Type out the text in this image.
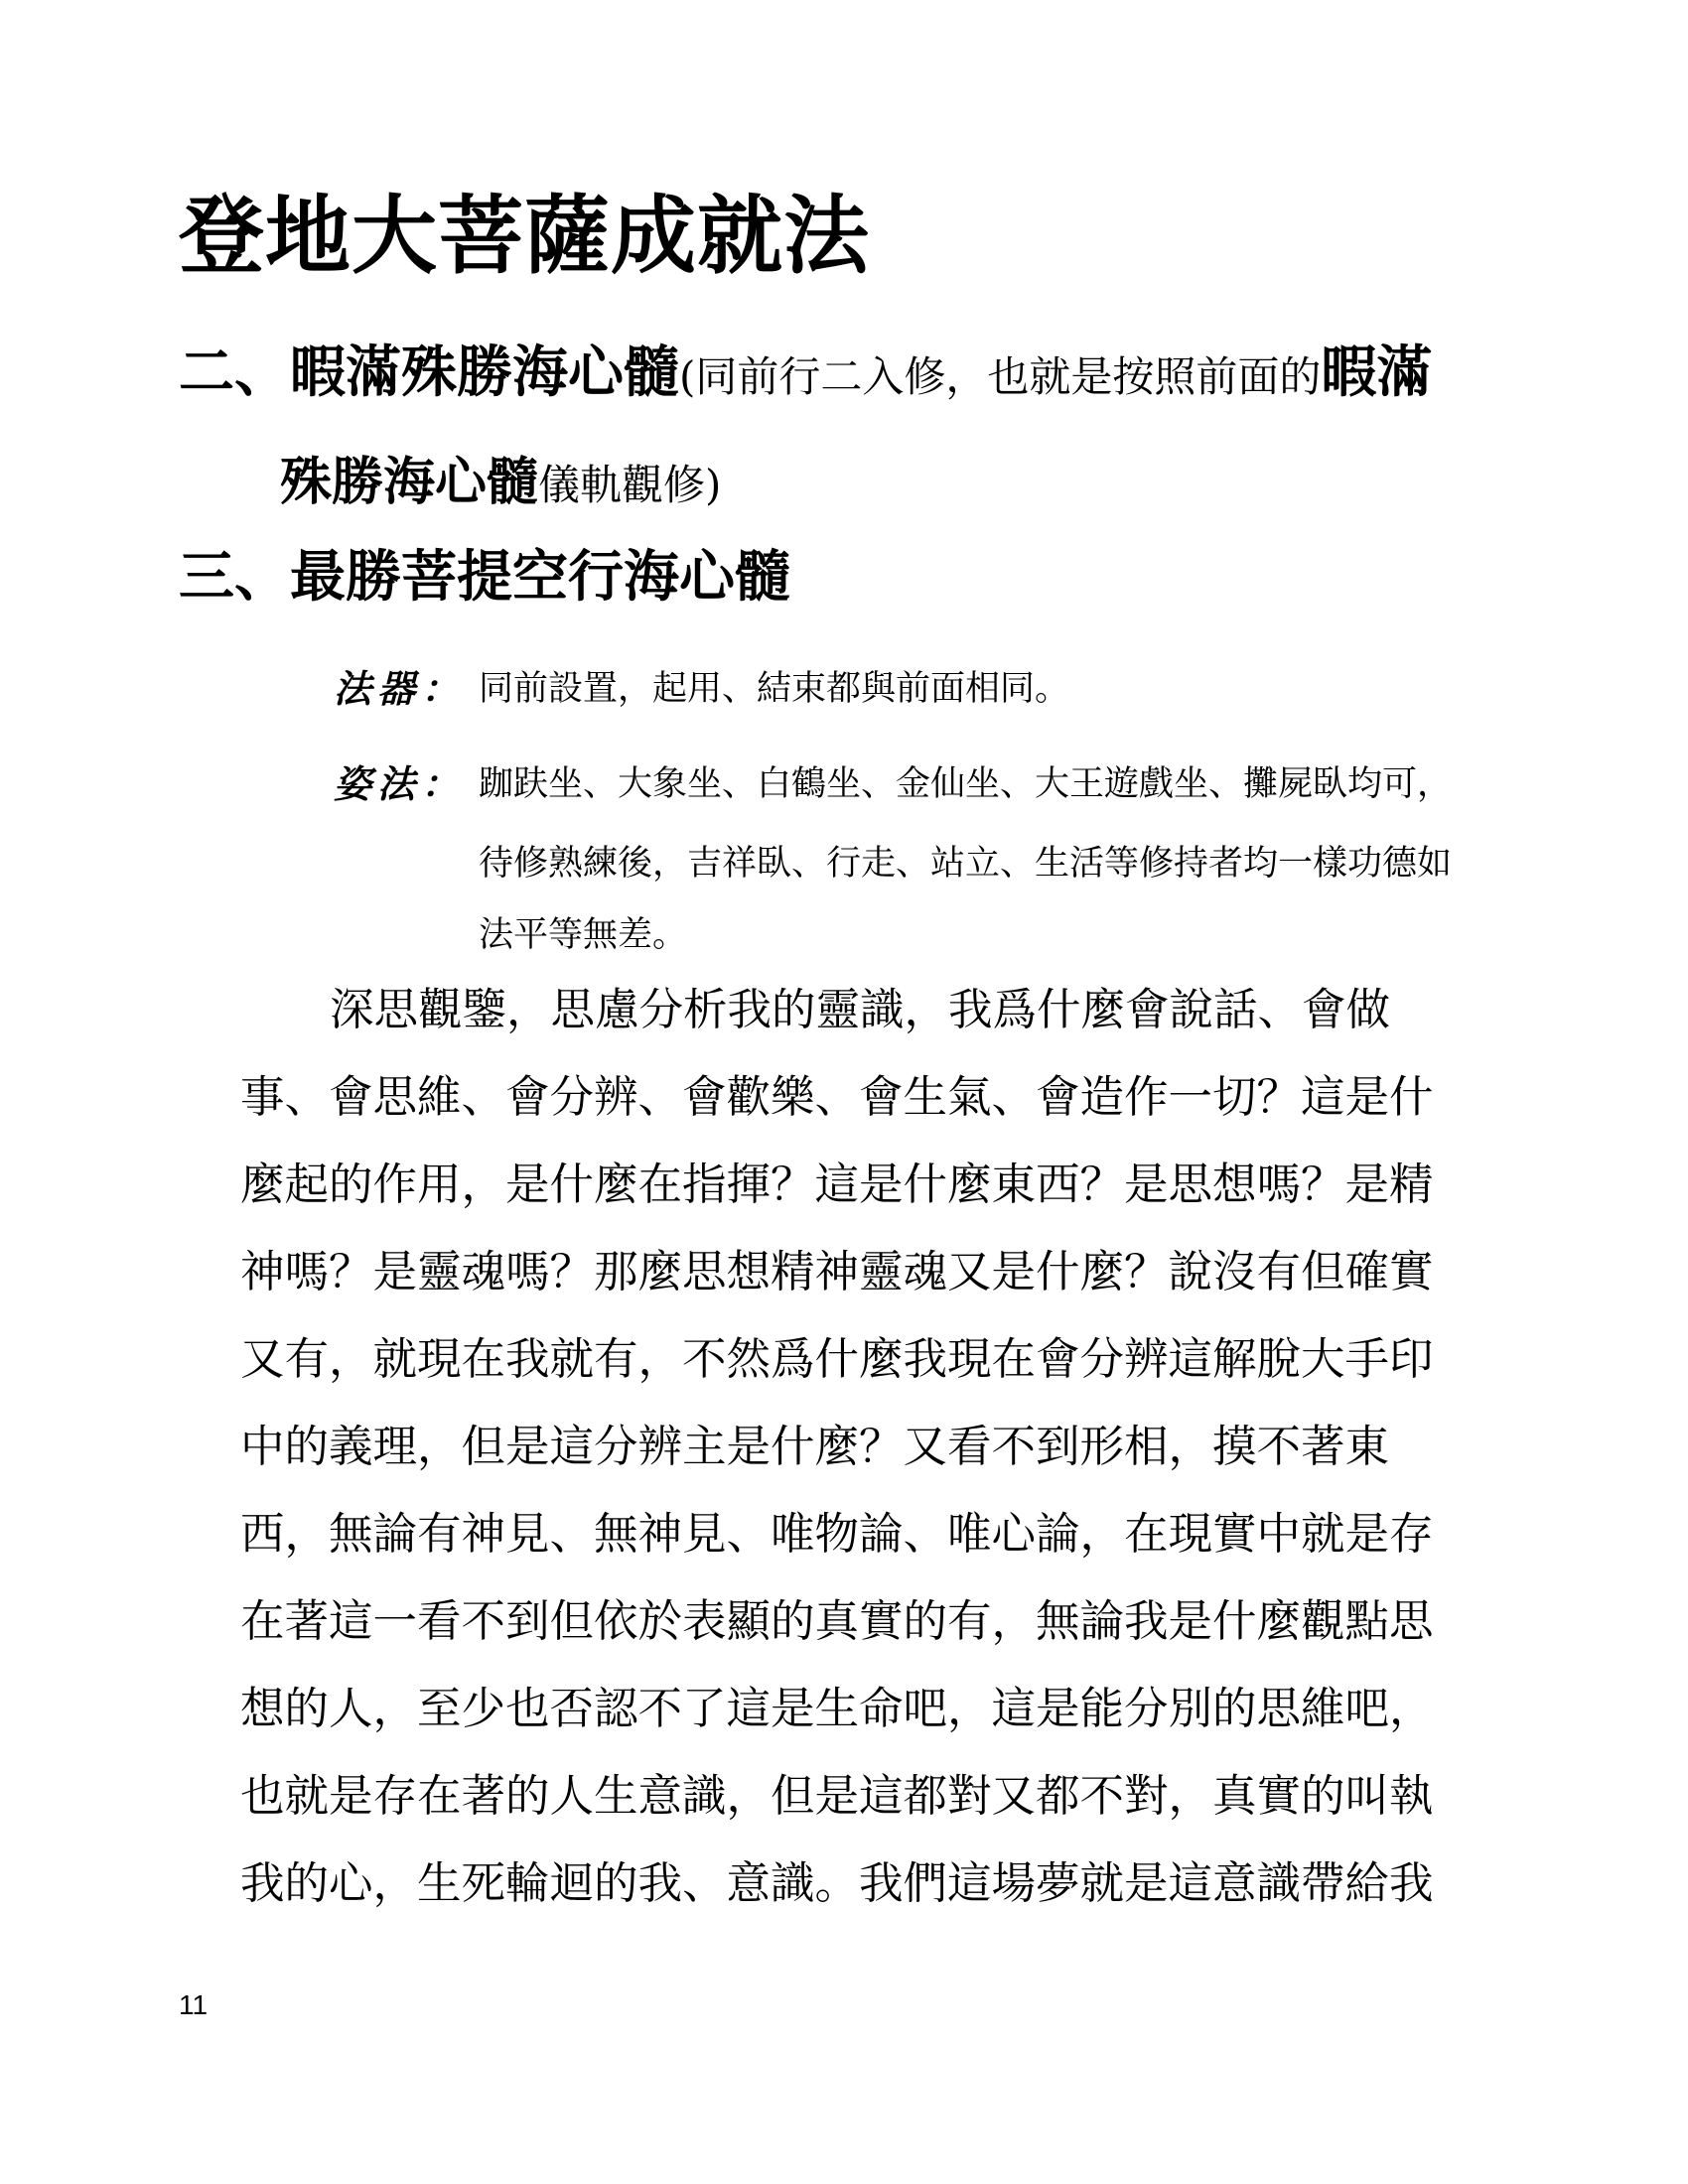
登地大菩薩成就法
二、暇滿殊勝海心髓(同前行二入修，也就是按照前面的暇滿
殊勝海心髓儀軌觀修)
三、最勝菩提空行海心髓
法器： 同前設置，起用、結束都與前面相同。
姿法： 跏趺坐、大象坐、白鶴坐、金仙坐、大王遊戲坐、攤屍臥均可，
待修熟練後，吉祥臥、行走、站立、生活等修持者均一樣功德如
法平等無差。
深思觀鑒，思慮分析我的靈識，我爲什麼會說話、會做
事、會思維、會分辨、會歡樂、會生氣、會造作一切？這是什
麼起的作用，是什麼在指揮？這是什麼東西？是思想嗎？是精
神嗎？是靈魂嗎？那麼思想精神靈魂又是什麼？說沒有但確實
又有，就現在我就有，不然爲什麼我現在會分辨這解脫大手印
中的義理，但是這分辨主是什麼？又看不到形相，摸不著東
西，無論有神見、無神見、唯物論、唯心論，在現實中就是存
在著這一看不到但依於表顯的真實的有，無論我是什麼觀點思
想的人，至少也否認不了這是生命吧，這是能分別的思維吧，
也就是存在著的人生意識，但是這都對又都不對，真實的叫執
我的心，生死輪迴的我、意識。我們這場夢就是這意識帶給我
11
